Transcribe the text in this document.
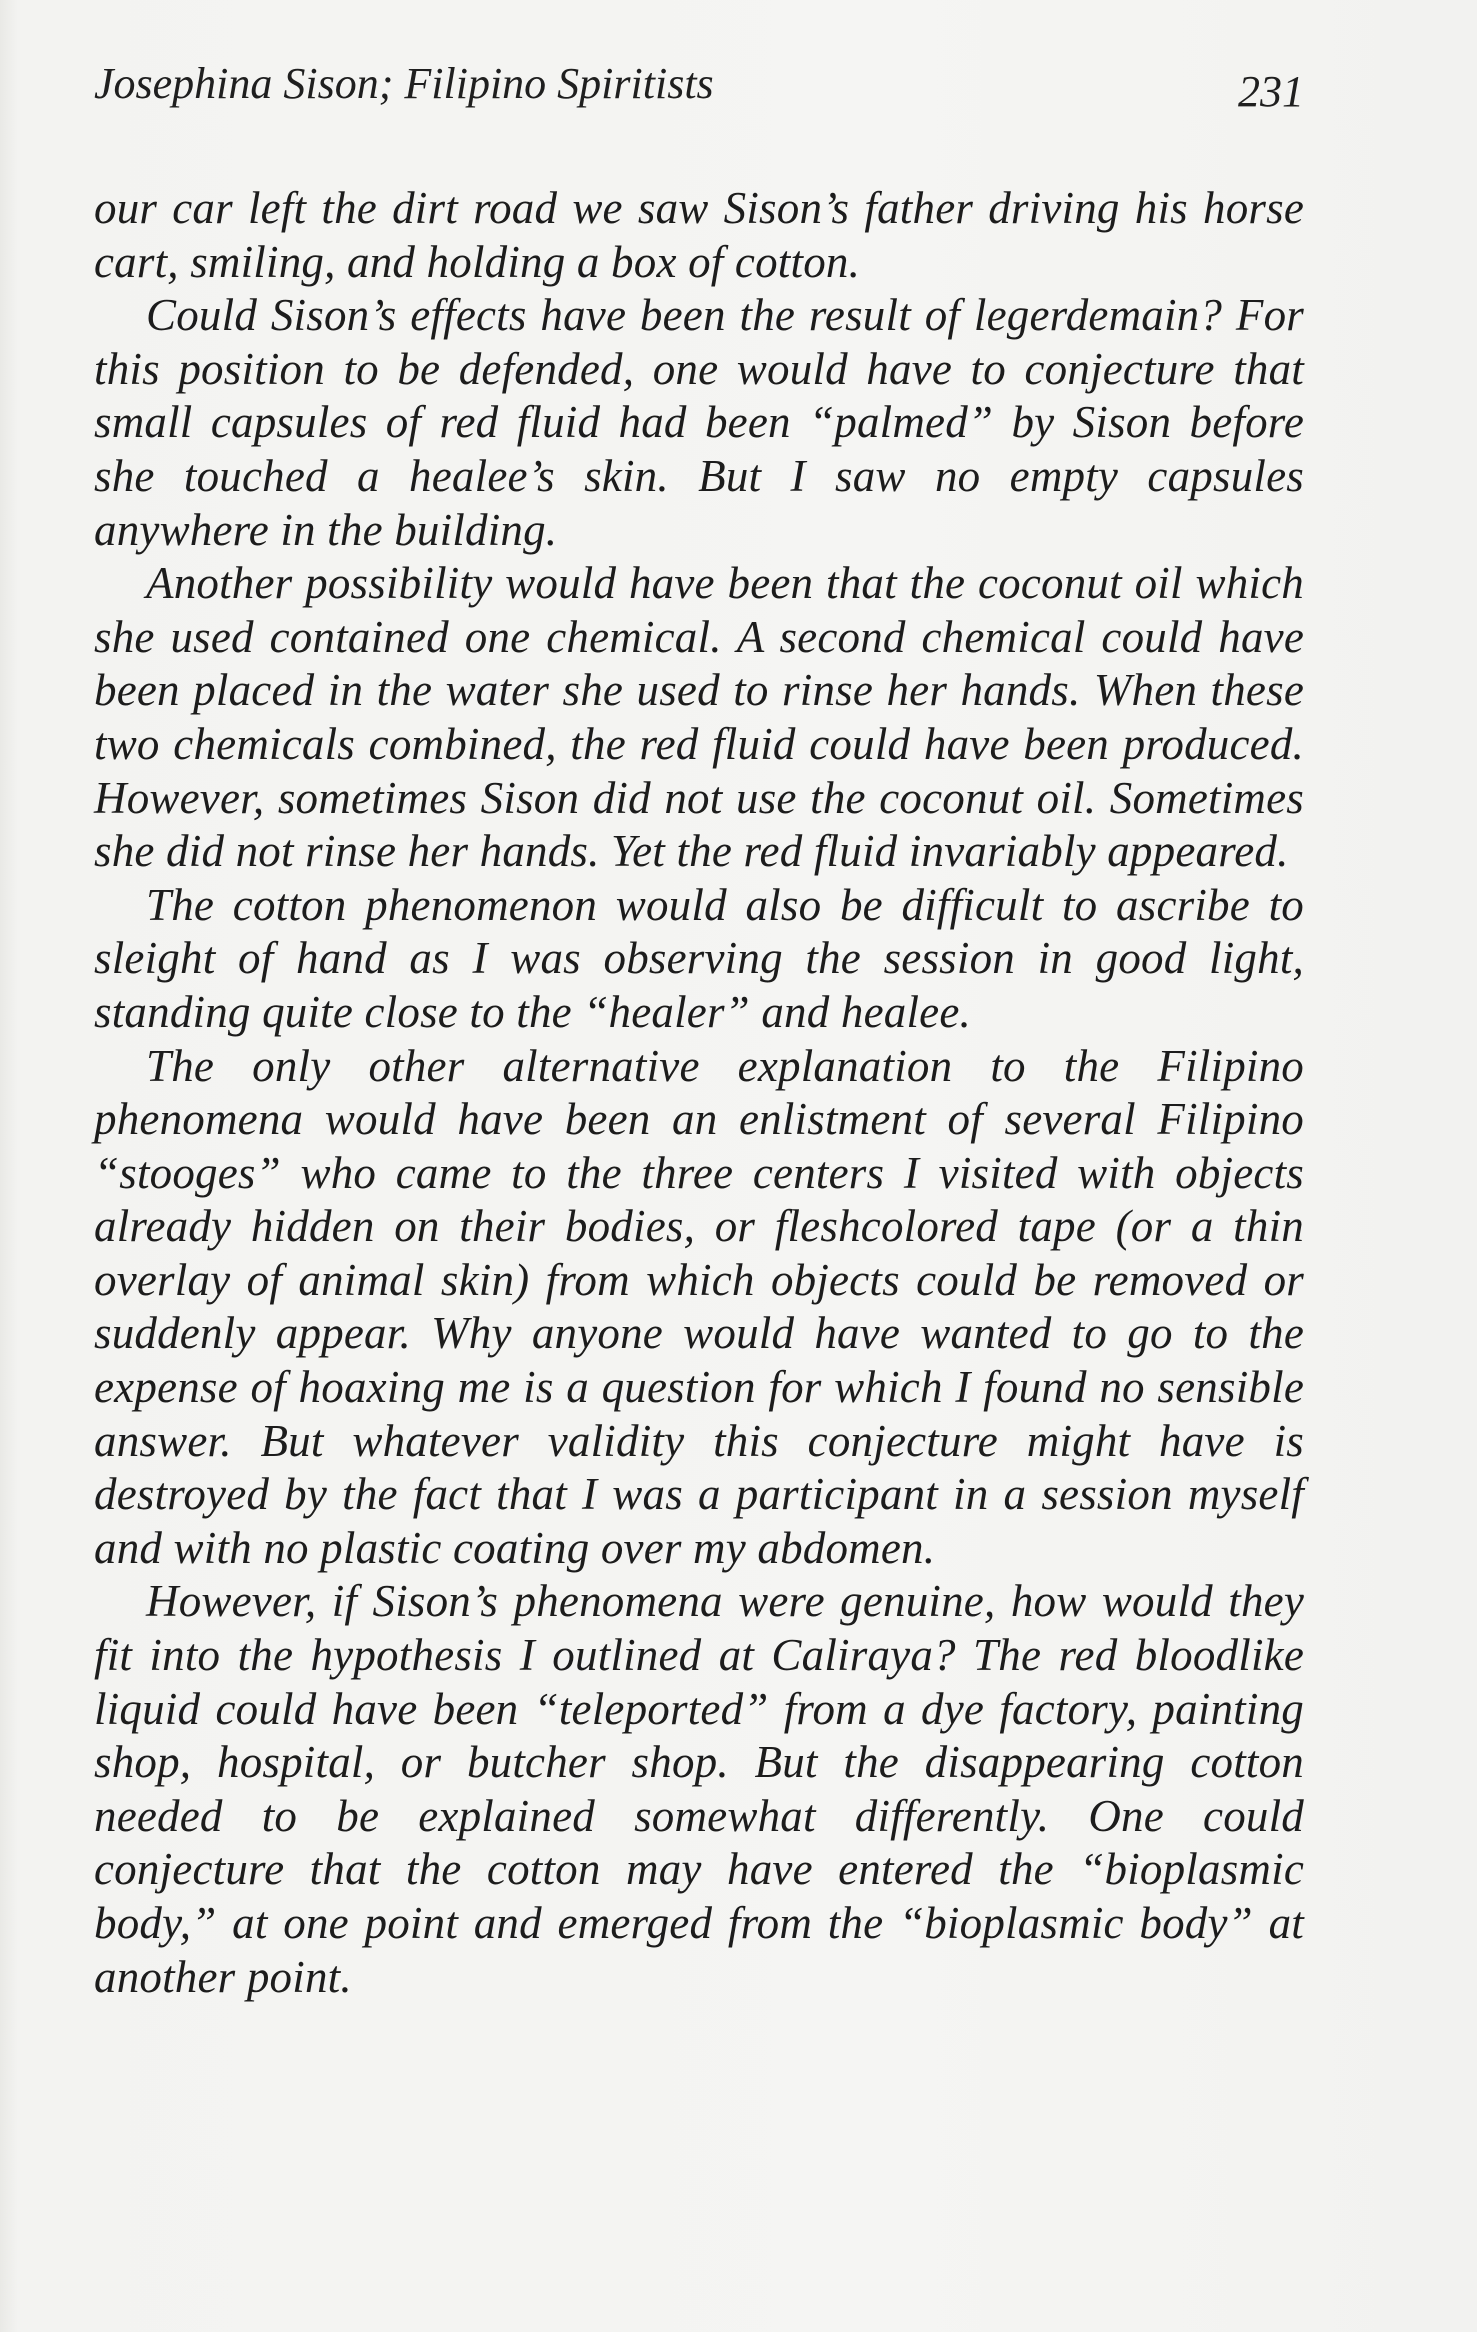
Josephina Sison; Filipino Spiritists	231

our car left the dirt road we saw Sison’s father driving his horse cart, smiling, and holding a box of cotton.

Could Sison’s effects have been the result of legerdemain? For this position to be defended, one would have to conjecture that small capsules of red fluid had been “palmed” by Sison before she touched a healee’s skin. But I saw no empty capsules anywhere in the building.

Another possibility would have been that the coconut oil which she used contained one chemical. A second chemical could have been placed in the water she used to rinse her hands. When these two chemicals combined, the red fluid could have been produced. However, sometimes Sison did not use the coconut oil. Sometimes she did not rinse her hands. Yet the red fluid invariably appeared.

The cotton phenomenon would also be difficult to ascribe to sleight of hand as I was observing the session in good light, standing quite close to the “healer” and healee.

The only other alternative explanation to the Filipino phenomena would have been an enlistment of several Filipino “stooges” who came to the three centers I visited with objects already hidden on their bodies, or fleshcolored tape (or a thin overlay of animal skin) from which objects could be removed or suddenly appear. Why anyone would have wanted to go to the expense of hoaxing me is a question for which I found no sensible answer. But whatever validity this conjecture might have is destroyed by the fact that I was a participant in a session myself and with no plastic coating over my abdomen.

However, if Sison’s phenomena were genuine, how would they fit into the hypothesis I outlined at Caliraya? The red bloodlike liquid could have been “teleported” from a dye factory, painting shop, hospital, or butcher shop. But the disappearing cotton needed to be explained somewhat differently. One could conjecture that the cotton may have entered the “bioplasmic body,” at one point and emerged from the “bioplasmic body” at another point.
